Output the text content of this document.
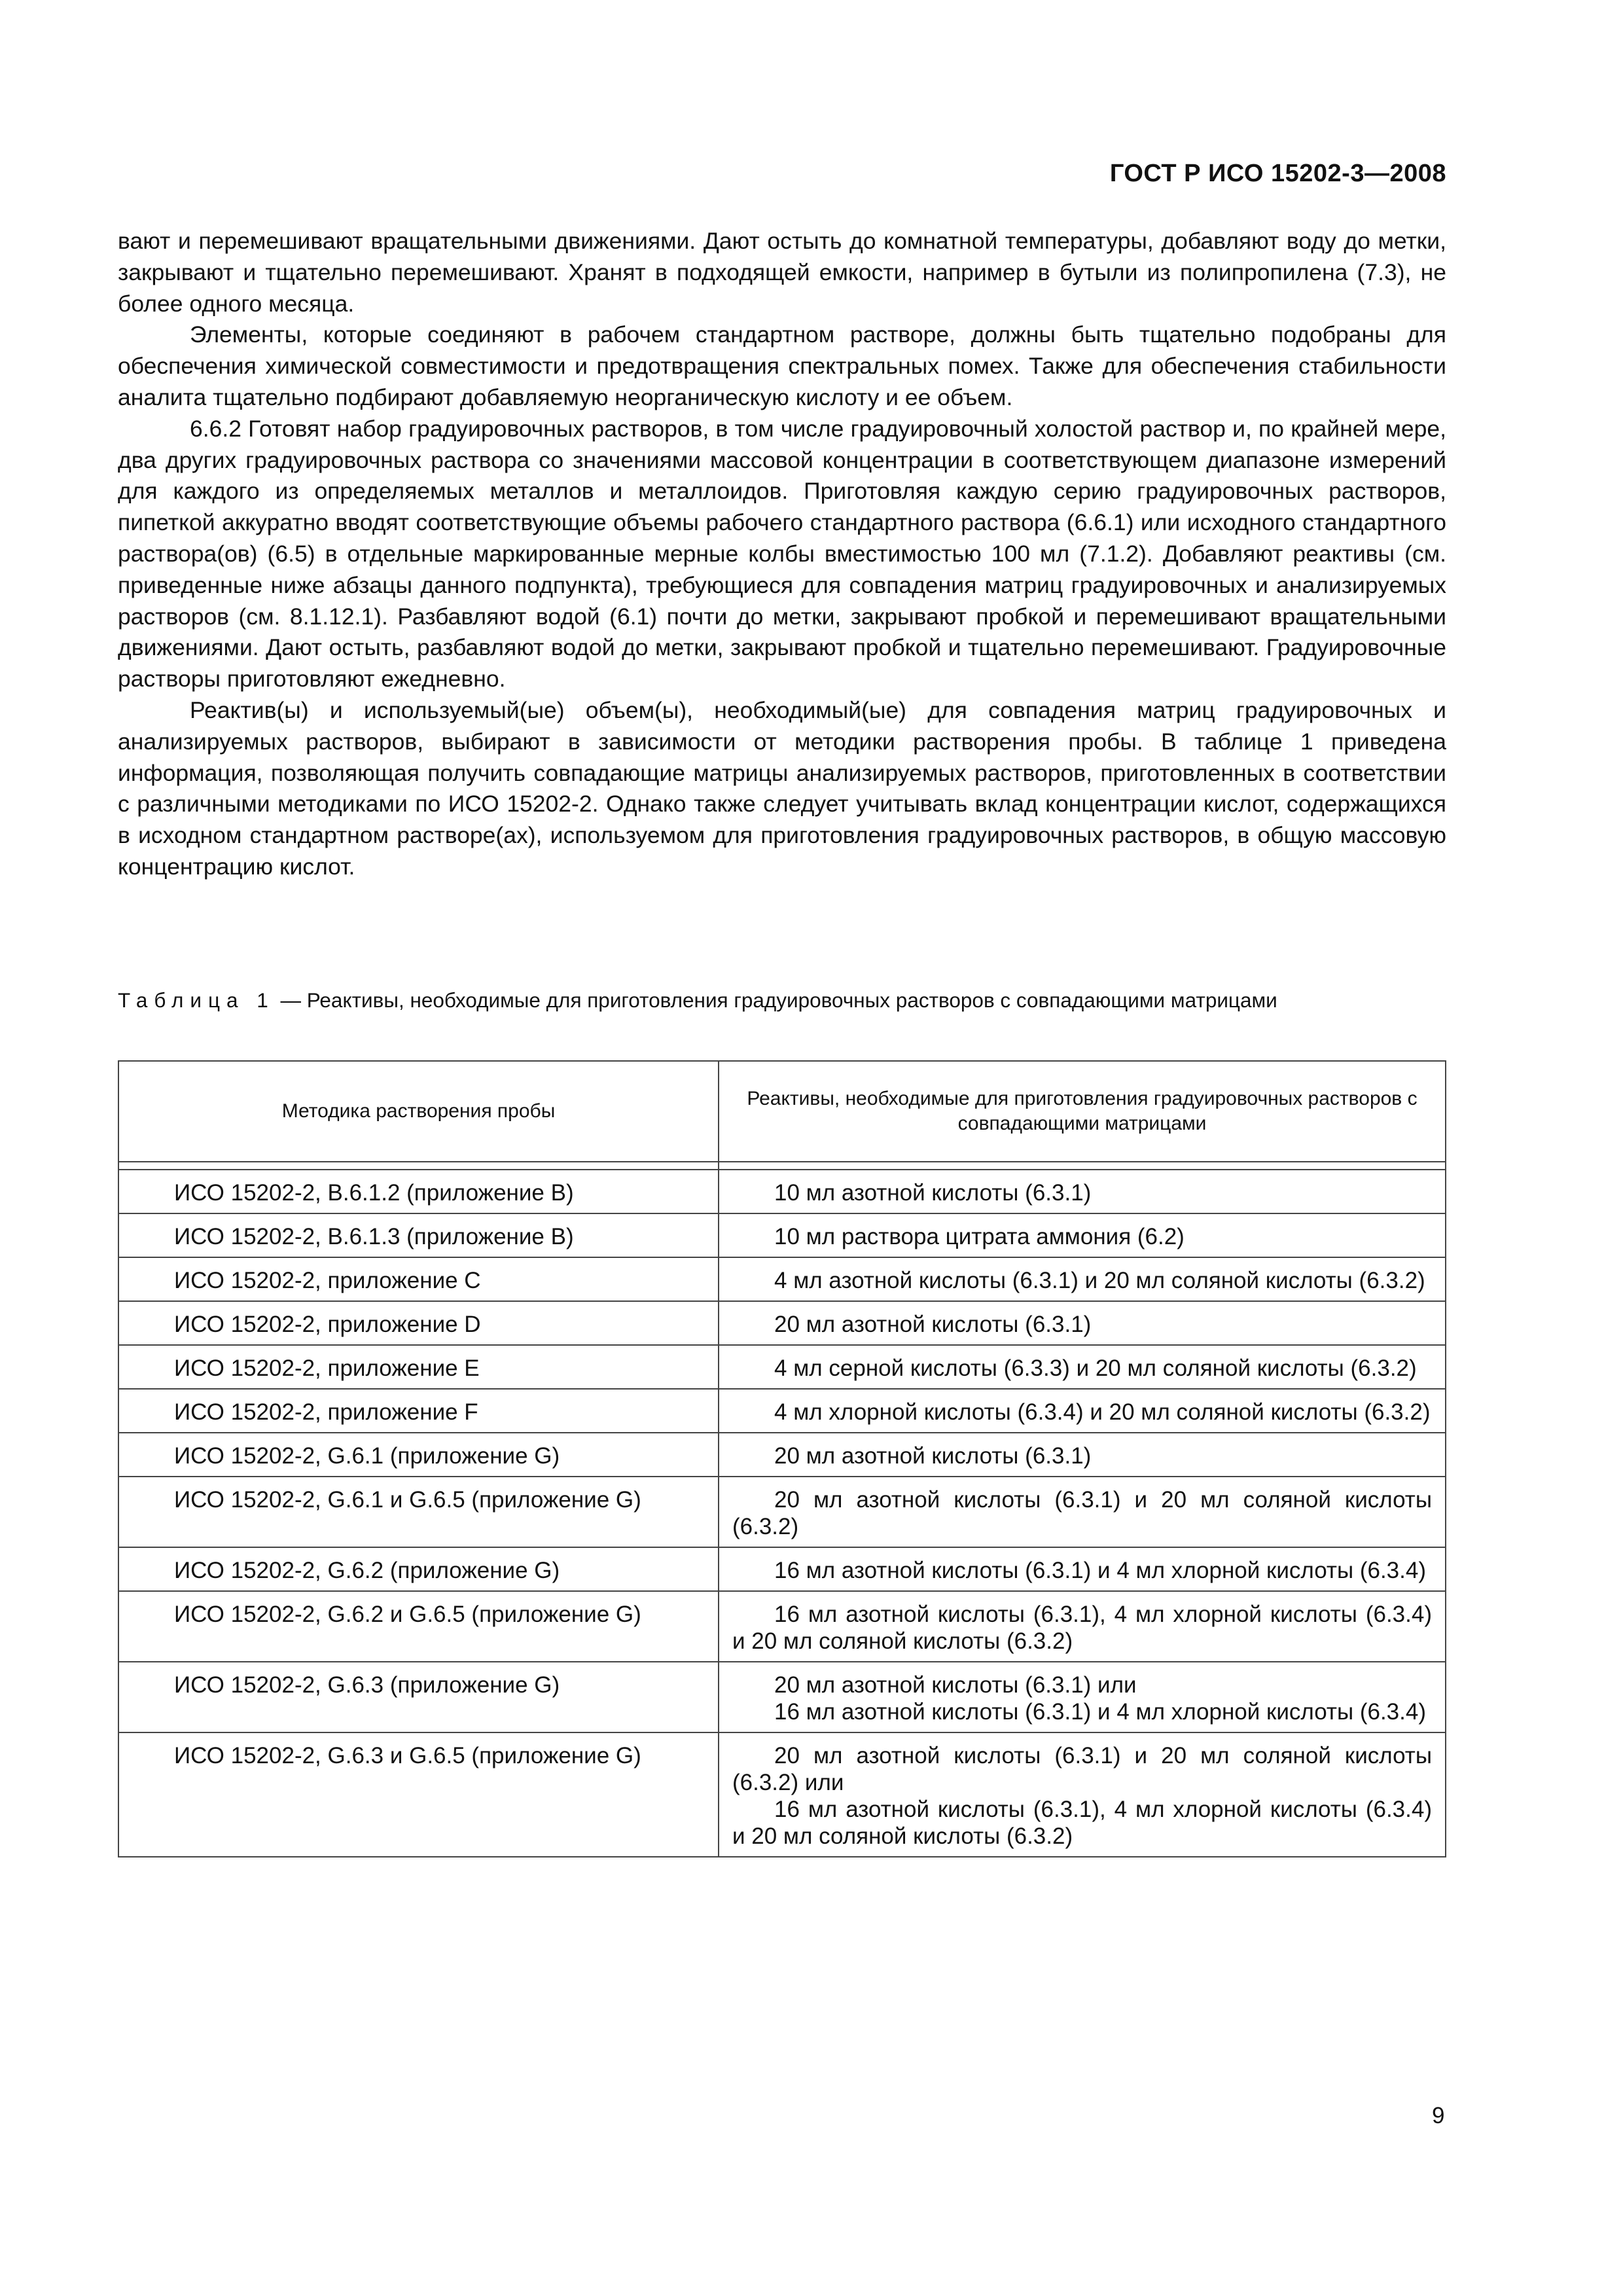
ГОСТ Р ИСО 15202-3—2008

вают и перемешивают вращательными движениями. Дают остыть до комнатной температуры, добавляют воду до метки, закрывают и тщательно перемешивают. Хранят в подходящей емкости, например в бутыли из полипропилена (7.3), не более одного месяца.

Элементы, которые соединяют в рабочем стандартном растворе, должны быть тщательно подобраны для обеспечения химической совместимости и предотвращения спектральных помех. Также для обеспечения стабильности аналита тщательно подбирают добавляемую неорганическую кислоту и ее объем.

6.6.2 Готовят набор градуировочных растворов, в том числе градуировочный холостой раствор и, по крайней мере, два других градуировочных раствора со значениями массовой концентрации в соответствующем диапазоне измерений для каждого из определяемых металлов и металлоидов. Приготовляя каждую серию градуировочных растворов, пипеткой аккуратно вводят соответствующие объемы рабочего стандартного раствора (6.6.1) или исходного стандартного раствора(ов) (6.5) в отдельные маркированные мерные колбы вместимостью 100 мл (7.1.2). Добавляют реактивы (см. приведенные ниже абзацы данного подпункта), требующиеся для совпадения матриц градуировочных и анализируемых растворов (см. 8.1.12.1). Разбавляют водой (6.1) почти до метки, закрывают пробкой и перемешивают вращательными движениями. Дают остыть, разбавляют водой до метки, закрывают пробкой и тщательно перемешивают. Градуировочные растворы приготовляют ежедневно.

Реактив(ы) и используемый(ые) объем(ы), необходимый(ые) для совпадения матриц градуировочных и анализируемых растворов, выбирают в зависимости от методики растворения пробы. В таблице 1 приведена информация, позволяющая получить совпадающие матрицы анализируемых растворов, приготовленных в соответствии с различными методиками по ИСО 15202-2. Однако также следует учитывать вклад концентрации кислот, содержащихся в исходном стандартном растворе(ах), используемом для приготовления градуировочных растворов, в общую массовую концентрацию кислот.

Таблица 1 — Реактивы, необходимые для приготовления градуировочных растворов с совпадающими матрицами
Методика растворения пробы	Реактивы, необходимые для приготовления градуировочных растворов с совпадающими матрицами

ИСО 15202-2, В.6.1.2 (приложение В)	10 мл азотной кислоты (6.3.1)

ИСО 15202-2, В.6.1.3 (приложение В)	10 мл раствора цитрата аммония (6.2)

ИСО 15202-2, приложение С	4 мл азотной кислоты (6.3.1) и 20 мл соляной кислоты (6.3.2)

ИСО 15202-2, приложение D	20 мл азотной кислоты (6.3.1)

ИСО 15202-2, приложение Е	4 мл серной кислоты (6.3.3) и 20 мл соляной кислоты (6.3.2)

ИСО 15202-2, приложение F	4 мл хлорной кислоты (6.3.4) и 20 мл соляной кислоты (6.3.2)

ИСО 15202-2, G.6.1 (приложение G)	20 мл азотной кислоты (6.3.1)

ИСО 15202-2, G.6.1 и G.6.5 (приложение G)	20 мл азотной кислоты (6.3.1) и 20 мл соляной кислоты (6.3.2)

ИСО 15202-2, G.6.2 (приложение G)	16 мл азотной кислоты (6.3.1) и 4 мл хлорной кислоты (6.3.4)

ИСО 15202-2, G.6.2 и G.6.5 (приложение G)	16 мл азотной кислоты (6.3.1), 4 мл хлорной кислоты (6.3.4) и 20 мл соляной кислоты (6.3.2)

ИСО 15202-2, G.6.3 (приложение G)	20 мл азотной кислоты (6.3.1) или
16 мл азотной кислоты (6.3.1) и 4 мл хлорной кислоты (6.3.4)

ИСО 15202-2, G.6.3 и G.6.5 (приложение G)	20 мл азотной кислоты (6.3.1) и 20 мл соляной кислоты (6.3.2) или
16 мл азотной кислоты (6.3.1), 4 мл хлорной кислоты (6.3.4) и 20 мл соляной кислоты (6.3.2)
9
